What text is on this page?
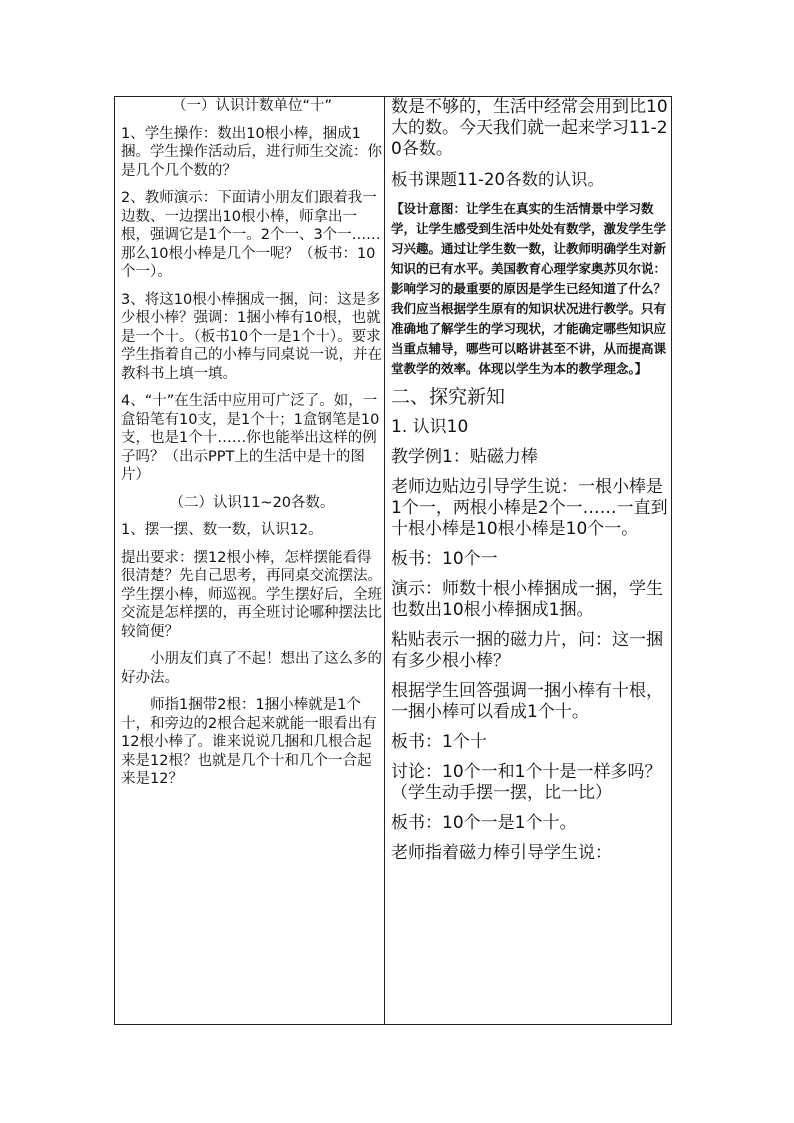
（一）认识计数单位“十”

1、学生操作：数出10根小棒，捆成1捆。学生操作活动后，进行师生交流：你是几个几个数的？

2、教师演示：下面请小朋友们跟着我一边数、一边摆出10根小棒，师拿出一根，强调它是1个一。2个一、3个一……那么10根小棒是几个一呢？（板书：10个一）。

3、将这10根小棒捆成一捆，问：这是多少根小棒？强调：1捆小棒有10根，也就是一个十。（板书10个一是1个十）。要求学生指着自己的小棒与同桌说一说，并在教科书上填一填。

4、“十”在生活中应用可广泛了。如，一盒铅笔有10支，是1个十；1盒钢笔是10支，也是1个十……你也能举出这样的例子吗？（出示PPT上的生活中是十的图片）

（二）认识11~20各数。

1、摆一摆、数一数，认识12。

提出要求：摆12根小棒，怎样摆能看得很清楚？先自己思考，再同桌交流摆法。学生摆小棒，师巡视。学生摆好后，全班交流是怎样摆的，再全班讨论哪种摆法比较简便？

小朋友们真了不起！想出了这么多的好办法。

师指1捆带2根：1捆小棒就是1个十，和旁边的2根合起来就能一眼看出有12根小棒了。谁来说说几捆和几根合起来是12根？也就是几个十和几个一合起来是12？

数是不够的，生活中经常会用到比10大的数。今天我们就一起来学习11-20各数。

板书课题11-20各数的认识。

【设计意图：让学生在真实的生活情景中学习数学，让学生感受到生活中处处有数学，激发学生学习兴趣。通过让学生数一数，让教师明确学生对新知识的已有水平。美国教育心理学家奥苏贝尔说：影响学习的最重要的原因是学生已经知道了什么？我们应当根据学生原有的知识状况进行教学。只有准确地了解学生的学习现状，才能确定哪些知识应当重点辅导，哪些可以略讲甚至不讲，从而提高课堂教学的效率。体现以学生为本的教学理念。】

二、探究新知

1. 认识10

教学例1：贴磁力棒

老师边贴边引导学生说：一根小棒是1个一，两根小棒是2个一……一直到十根小棒是10根小棒是10个一。

板书：10个一

演示：师数十根小棒捆成一捆，学生也数出10根小棒捆成1捆。

粘贴表示一捆的磁力片，问：这一捆有多少根小棒？

根据学生回答强调一捆小棒有十根，一捆小棒可以看成1个十。

板书：1个十

讨论：10个一和1个十是一样多吗？（学生动手摆一摆，比一比）

板书：10个一是1个十。

老师指着磁力棒引导学生说：
